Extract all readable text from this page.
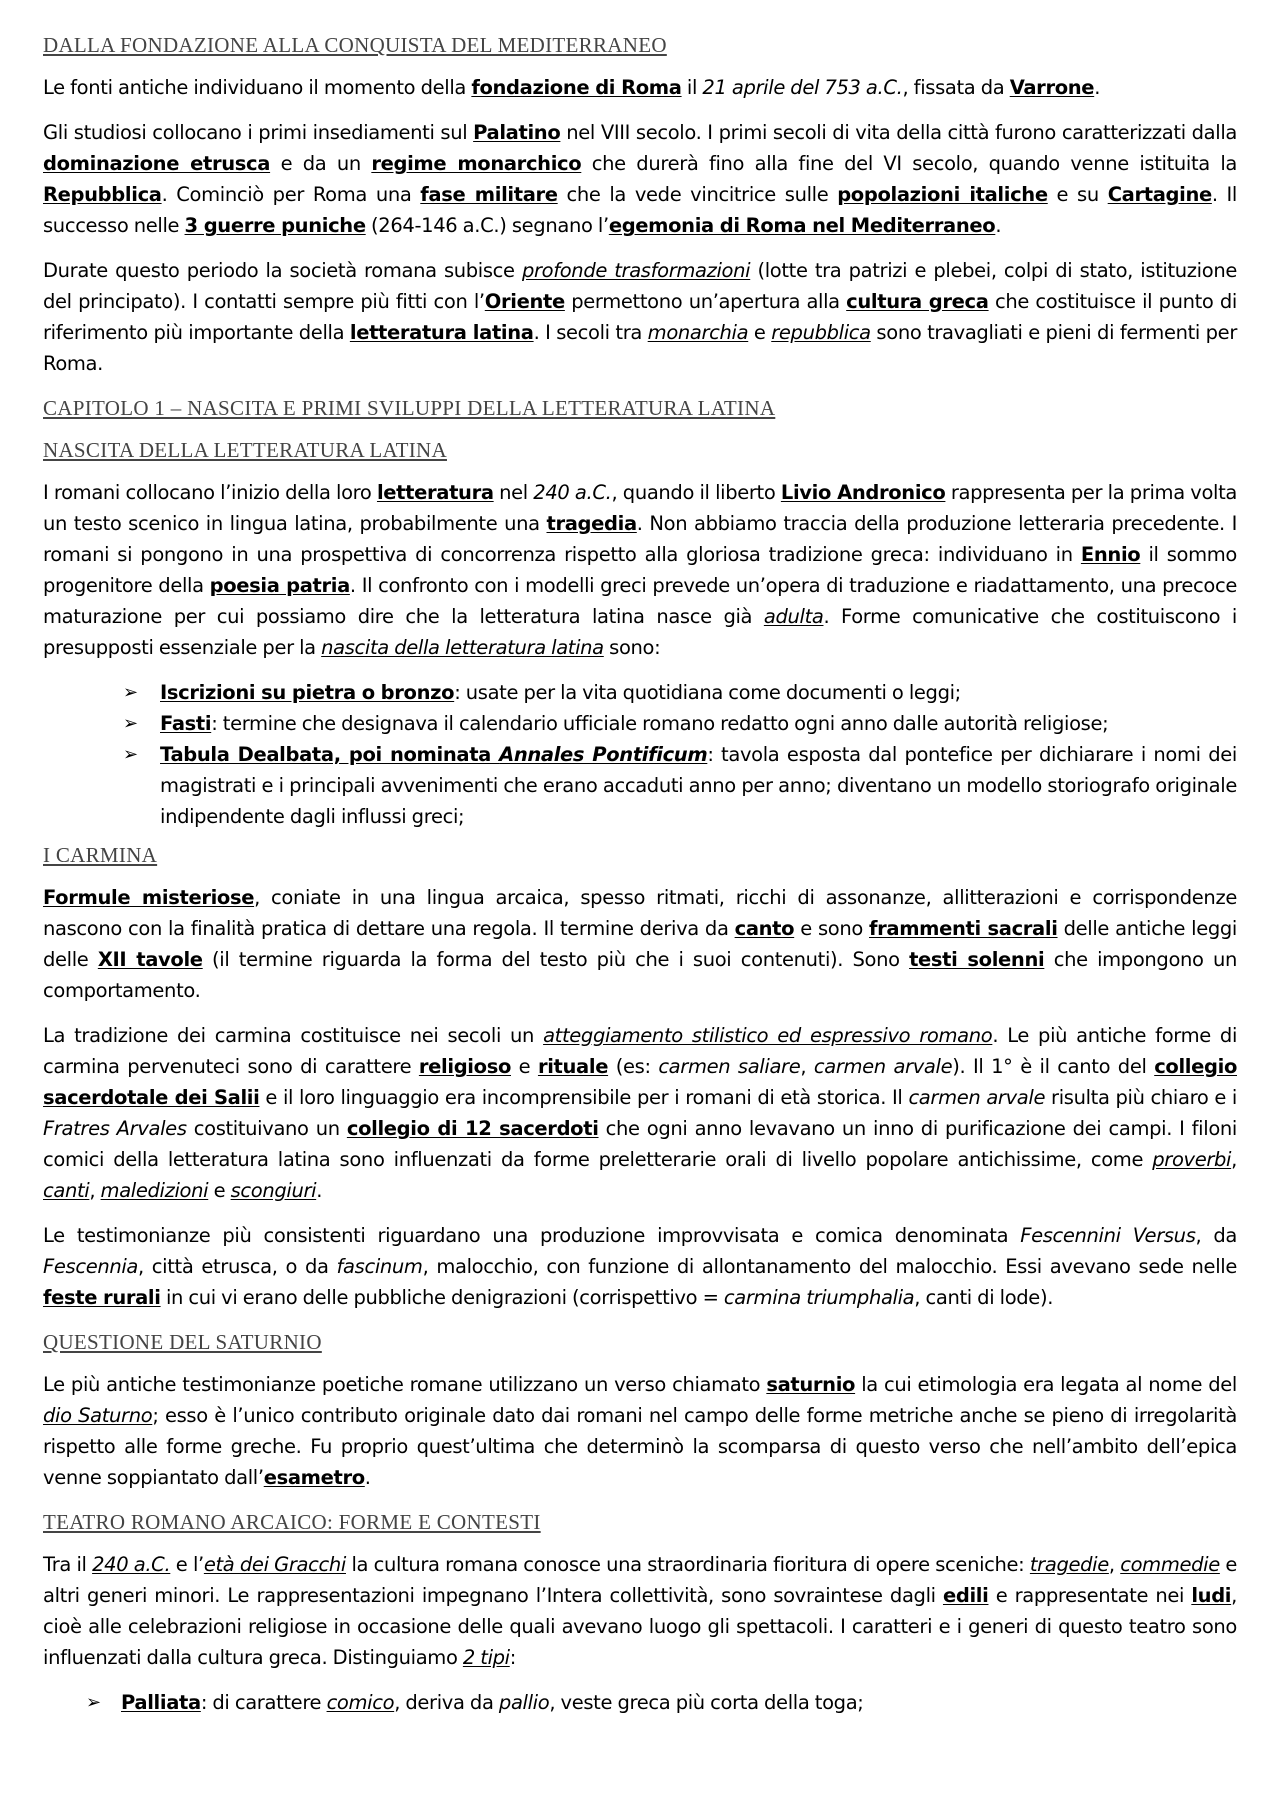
DALLA FONDAZIONE ALLA CONQUISTA DEL MEDITERRANEO

Le fonti antiche individuano il momento della fondazione di Roma il 21 aprile del 753 a.C., fissata da Varrone.

Gli studiosi collocano i primi insediamenti sul Palatino nel VIII secolo. I primi secoli di vita della città furono caratterizzati dalla dominazione etrusca e da un regime monarchico che durerà fino alla fine del VI secolo, quando venne istituita la Repubblica. Cominciò per Roma una fase militare che la vede vincitrice sulle popolazioni italiche e su Cartagine. Il successo nelle 3 guerre puniche (264-146 a.C.) segnano l’egemonia di Roma nel Mediterraneo.

Durate questo periodo la società romana subisce profonde trasformazioni (lotte tra patrizi e plebei, colpi di stato, istituzione del principato). I contatti sempre più fitti con l’Oriente permettono un’apertura alla cultura greca che costituisce il punto di riferimento più importante della letteratura latina. I secoli tra monarchia e repubblica sono travagliati e pieni di fermenti per Roma.

CAPITOLO 1 – NASCITA E PRIMI SVILUPPI DELLA LETTERATURA LATINA
NASCITA DELLA LETTERATURA LATINA

I romani collocano l’inizio della loro letteratura nel 240 a.C., quando il liberto Livio Andronico rappresenta per la prima volta un testo scenico in lingua latina, probabilmente una tragedia. Non abbiamo traccia della produzione letteraria precedente. I romani si pongono in una prospettiva di concorrenza rispetto alla gloriosa tradizione greca: individuano in Ennio il sommo progenitore della poesia patria. Il confronto con i modelli greci prevede un’opera di traduzione e riadattamento, una precoce maturazione per cui possiamo dire che la letteratura latina nasce già adulta. Forme comunicative che costituiscono i presupposti essenziale per la nascita della letteratura latina sono:

➢ Iscrizioni su pietra o bronzo: usate per la vita quotidiana come documenti o leggi;
➢ Fasti: termine che designava il calendario ufficiale romano redatto ogni anno dalle autorità religiose;
➢ Tabula Dealbata, poi nominata Annales Pontificum: tavola esposta dal pontefice per dichiarare i nomi dei magistrati e i principali avvenimenti che erano accaduti anno per anno; diventano un modello storiografo originale indipendente dagli influssi greci;
I CARMINA

Formule misteriose, coniate in una lingua arcaica, spesso ritmati, ricchi di assonanze, allitterazioni e corrispondenze nascono con la finalità pratica di dettare una regola. Il termine deriva da canto e sono frammenti sacrali delle antiche leggi delle XII tavole (il termine riguarda la forma del testo più che i suoi contenuti). Sono testi solenni che impongono un comportamento.

La tradizione dei carmina costituisce nei secoli un atteggiamento stilistico ed espressivo romano. Le più antiche forme di carmina pervenuteci sono di carattere religioso e rituale (es: carmen saliare, carmen arvale). Il 1° è il canto del collegio sacerdotale dei Salii e il loro linguaggio era incomprensibile per i romani di età storica. Il carmen arvale risulta più chiaro e i Fratres Arvales costituivano un collegio di 12 sacerdoti che ogni anno levavano un inno di purificazione dei campi. I filoni comici della letteratura latina sono influenzati da forme preletterarie orali di livello popolare antichissime, come proverbi, canti, maledizioni e scongiuri.

Le testimonianze più consistenti riguardano una produzione improvvisata e comica denominata Fescennini Versus, da Fescennia, città etrusca, o da fascinum, malocchio, con funzione di allontanamento del malocchio. Essi avevano sede nelle feste rurali in cui vi erano delle pubbliche denigrazioni (corrispettivo = carmina triumphalia, canti di lode).

QUESTIONE DEL SATURNIO

Le più antiche testimonianze poetiche romane utilizzano un verso chiamato saturnio la cui etimologia era legata al nome del dio Saturno; esso è l’unico contributo originale dato dai romani nel campo delle forme metriche anche se pieno di irregolarità rispetto alle forme greche. Fu proprio quest’ultima che determinò la scomparsa di questo verso che nell’ambito dell’epica venne soppiantato dall’esametro.

TEATRO ROMANO ARCAICO: FORME E CONTESTI

Tra il 240 a.C. e l’età dei Gracchi la cultura romana conosce una straordinaria fioritura di opere sceniche: tragedie, commedie e altri generi minori. Le rappresentazioni impegnano l’Intera collettività, sono sovraintese dagli edili e rappresentate nei ludi, cioè alle celebrazioni religiose in occasione delle quali avevano luogo gli spettacoli. I caratteri e i generi di questo teatro sono influenzati dalla cultura greca. Distinguiamo 2 tipi:

➢ Palliata: di carattere comico, deriva da pallio, veste greca più corta della toga;
